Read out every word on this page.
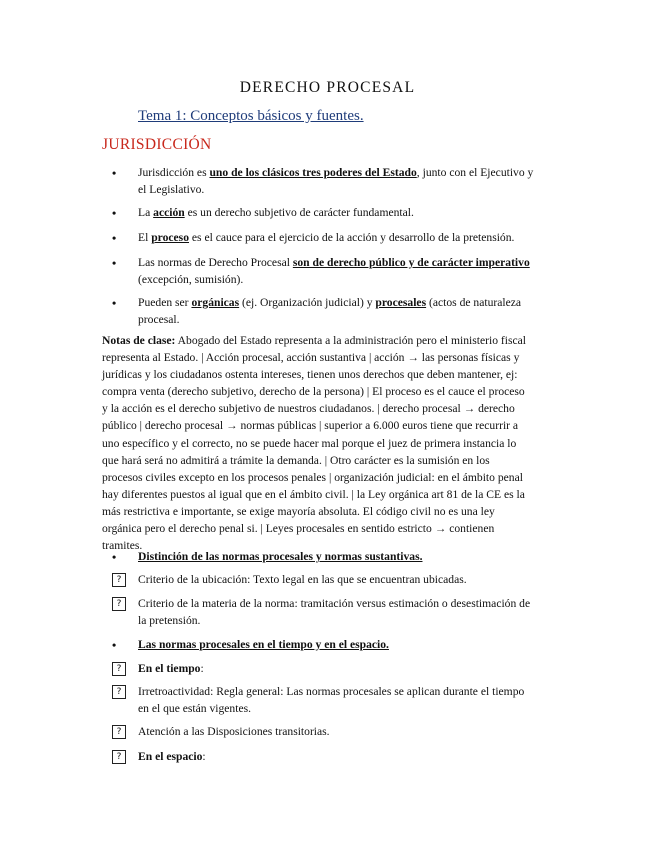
DERECHO PROCESAL
Tema 1: Conceptos básicos y fuentes.
JURISDICCIÓN
• Jurisdicción es uno de los clásicos tres poderes del Estado, junto con el Ejecutivo y el Legislativo.
• La acción es un derecho subjetivo de carácter fundamental.
• El proceso es el cauce para el ejercicio de la acción y desarrollo de la pretensión.
• Las normas de Derecho Procesal son de derecho público y de carácter imperativo (excepción, sumisión).
• Pueden ser orgánicas (ej. Organización judicial) y procesales (actos de naturaleza procesal.
Notas de clase: Abogado del Estado representa a la administración pero el ministerio fiscal representa al Estado. | Acción procesal, acción sustantiva | acción → las personas físicas y jurídicas y los ciudadanos ostenta intereses, tienen unos derechos que deben mantener, ej: compra venta (derecho subjetivo, derecho de la persona) | El proceso es el cauce el proceso y la acción es el derecho subjetivo de nuestros ciudadanos. | derecho procesal → derecho público | derecho procesal → normas públicas | superior a 6.000 euros tiene que recurrir a uno específico y el correcto, no se puede hacer mal porque el juez de primera instancia lo que hará será no admitirá a trámite la demanda. | Otro carácter es la sumisión en los procesos civiles excepto en los procesos penales | organización judicial: en el ámbito penal hay diferentes puestos al igual que en el ámbito civil. | la Ley orgánica art 81 de la CE es la más restrictiva e importante, se exige mayoría absoluta. El código civil no es una ley orgánica pero el derecho penal si. | Leyes procesales en sentido estricto → contienen tramites.
• Distinción de las normas procesales y normas sustantivas.
?	Criterio de la ubicación: Texto legal en las que se encuentran ubicadas.
?	Criterio de la materia de la norma: tramitación versus estimación o desestimación de la pretensión.
• Las normas procesales en el tiempo y en el espacio.
?	En el tiempo:
?	Irretroactividad: Regla general: Las normas procesales se aplican durante el tiempo en el que están vigentes.
?	Atención a las Disposiciones transitorias.
?	En el espacio:
